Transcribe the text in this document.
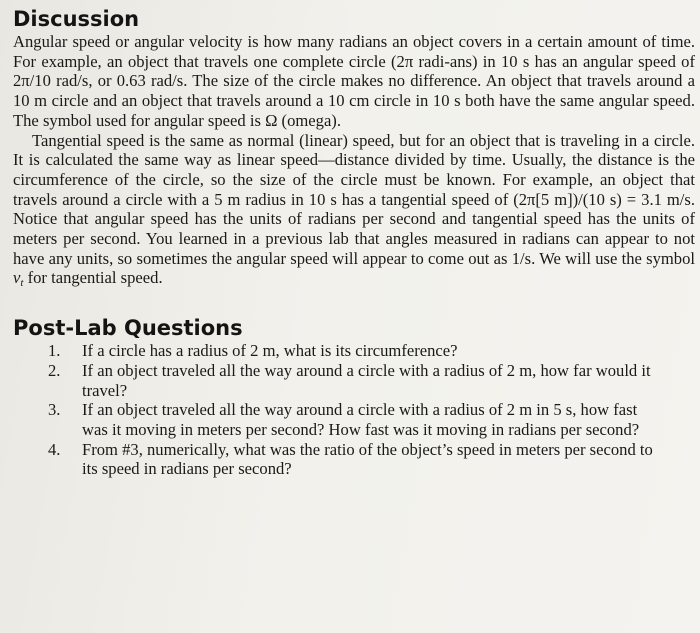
Discussion

Angular speed or angular velocity is how many radians an object covers in a certain amount of time. For example, an object that travels one complete circle (2π radi-ans) in 10 s has an angular speed of 2π/10 rad/s, or 0.63 rad/s. The size of the circle makes no difference. An object that travels around a 10 m circle and an object that travels around a 10 cm circle in 10 s both have the same angular speed. The symbol used for angular speed is Ω (omega).

Tangential speed is the same as normal (linear) speed, but for an object that is traveling in a circle. It is calculated the same way as linear speed—distance divided by time. Usually, the distance is the circumference of the circle, so the size of the circle must be known. For example, an object that travels around a circle with a 5 m radius in 10 s has a tangential speed of (2π[5 m])/(10 s) = 3.1 m/s. Notice that angular speed has the units of radians per second and tangential speed has the units of meters per second. You learned in a previous lab that angles measured in radians can appear to not have any units, so sometimes the angular speed will appear to come out as 1/s. We will use the symbol vt for tangential speed.

Post-Lab Questions
1. If a circle has a radius of 2 m, what is its circumference?
2. If an object traveled all the way around a circle with a radius of 2 m, how far would it travel?
3. If an object traveled all the way around a circle with a radius of 2 m in 5 s, how fast was it moving in meters per second? How fast was it moving in radians per second?
4. From #3, numerically, what was the ratio of the object’s speed in meters per second to its speed in radians per second?
